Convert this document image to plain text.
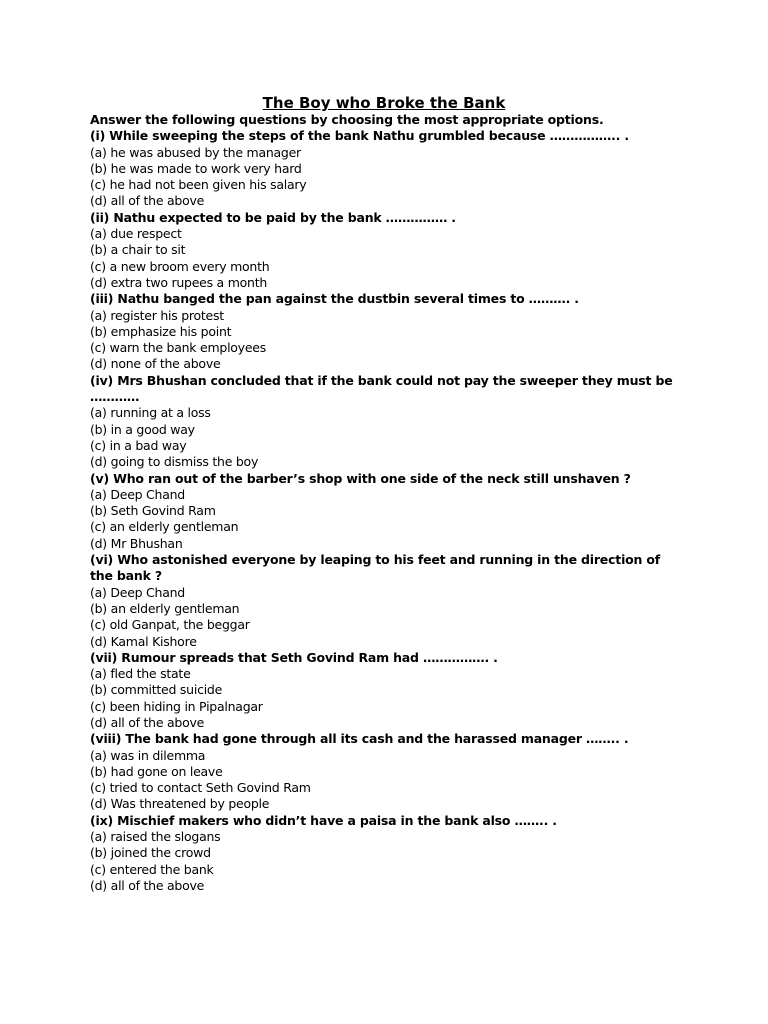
The Boy who Broke the Bank
Answer the following questions by choosing the most appropriate options.
(i) While sweeping the steps of the bank Nathu grumbled because …………….. .
(a) he was abused by the manager
(b) he was made to work very hard
(c) he had not been given his salary
(d) all of the above
(ii) Nathu expected to be paid by the bank …………… .
(a) due respect
(b) a chair to sit
(c) a new broom every month
(d) extra two rupees a month
(iii) Nathu banged the pan against the dustbin several times to ………. .
(a) register his protest
(b) emphasize his point
(c) warn the bank employees
(d) none of the above
(iv) Mrs Bhushan concluded that if the bank could not pay the sweeper they must be …………
(a) running at a loss
(b) in a good way
(c) in a bad way
(d) going to dismiss the boy
(v) Who ran out of the barber’s shop with one side of the neck still unshaven ?
(a) Deep Chand
(b) Seth Govind Ram
(c) an elderly gentleman
(d) Mr Bhushan
(vi) Who astonished everyone by leaping to his feet and running in the direction of the bank ?
(a) Deep Chand
(b) an elderly gentleman
(c) old Ganpat, the beggar
(d) Kamal Kishore
(vii) Rumour spreads that Seth Govind Ram had ……………. .
(a) fled the state
(b) committed suicide
(c) been hiding in Pipalnagar
(d) all of the above
(viii) The bank had gone through all its cash and the harassed manager …….. .
(a) was in dilemma
(b) had gone on leave
(c) tried to contact Seth Govind Ram
(d) Was threatened by people
(ix) Mischief makers who didn’t have a paisa in the bank also …….. .
(a) raised the slogans
(b) joined the crowd
(c) entered the bank
(d) all of the above
